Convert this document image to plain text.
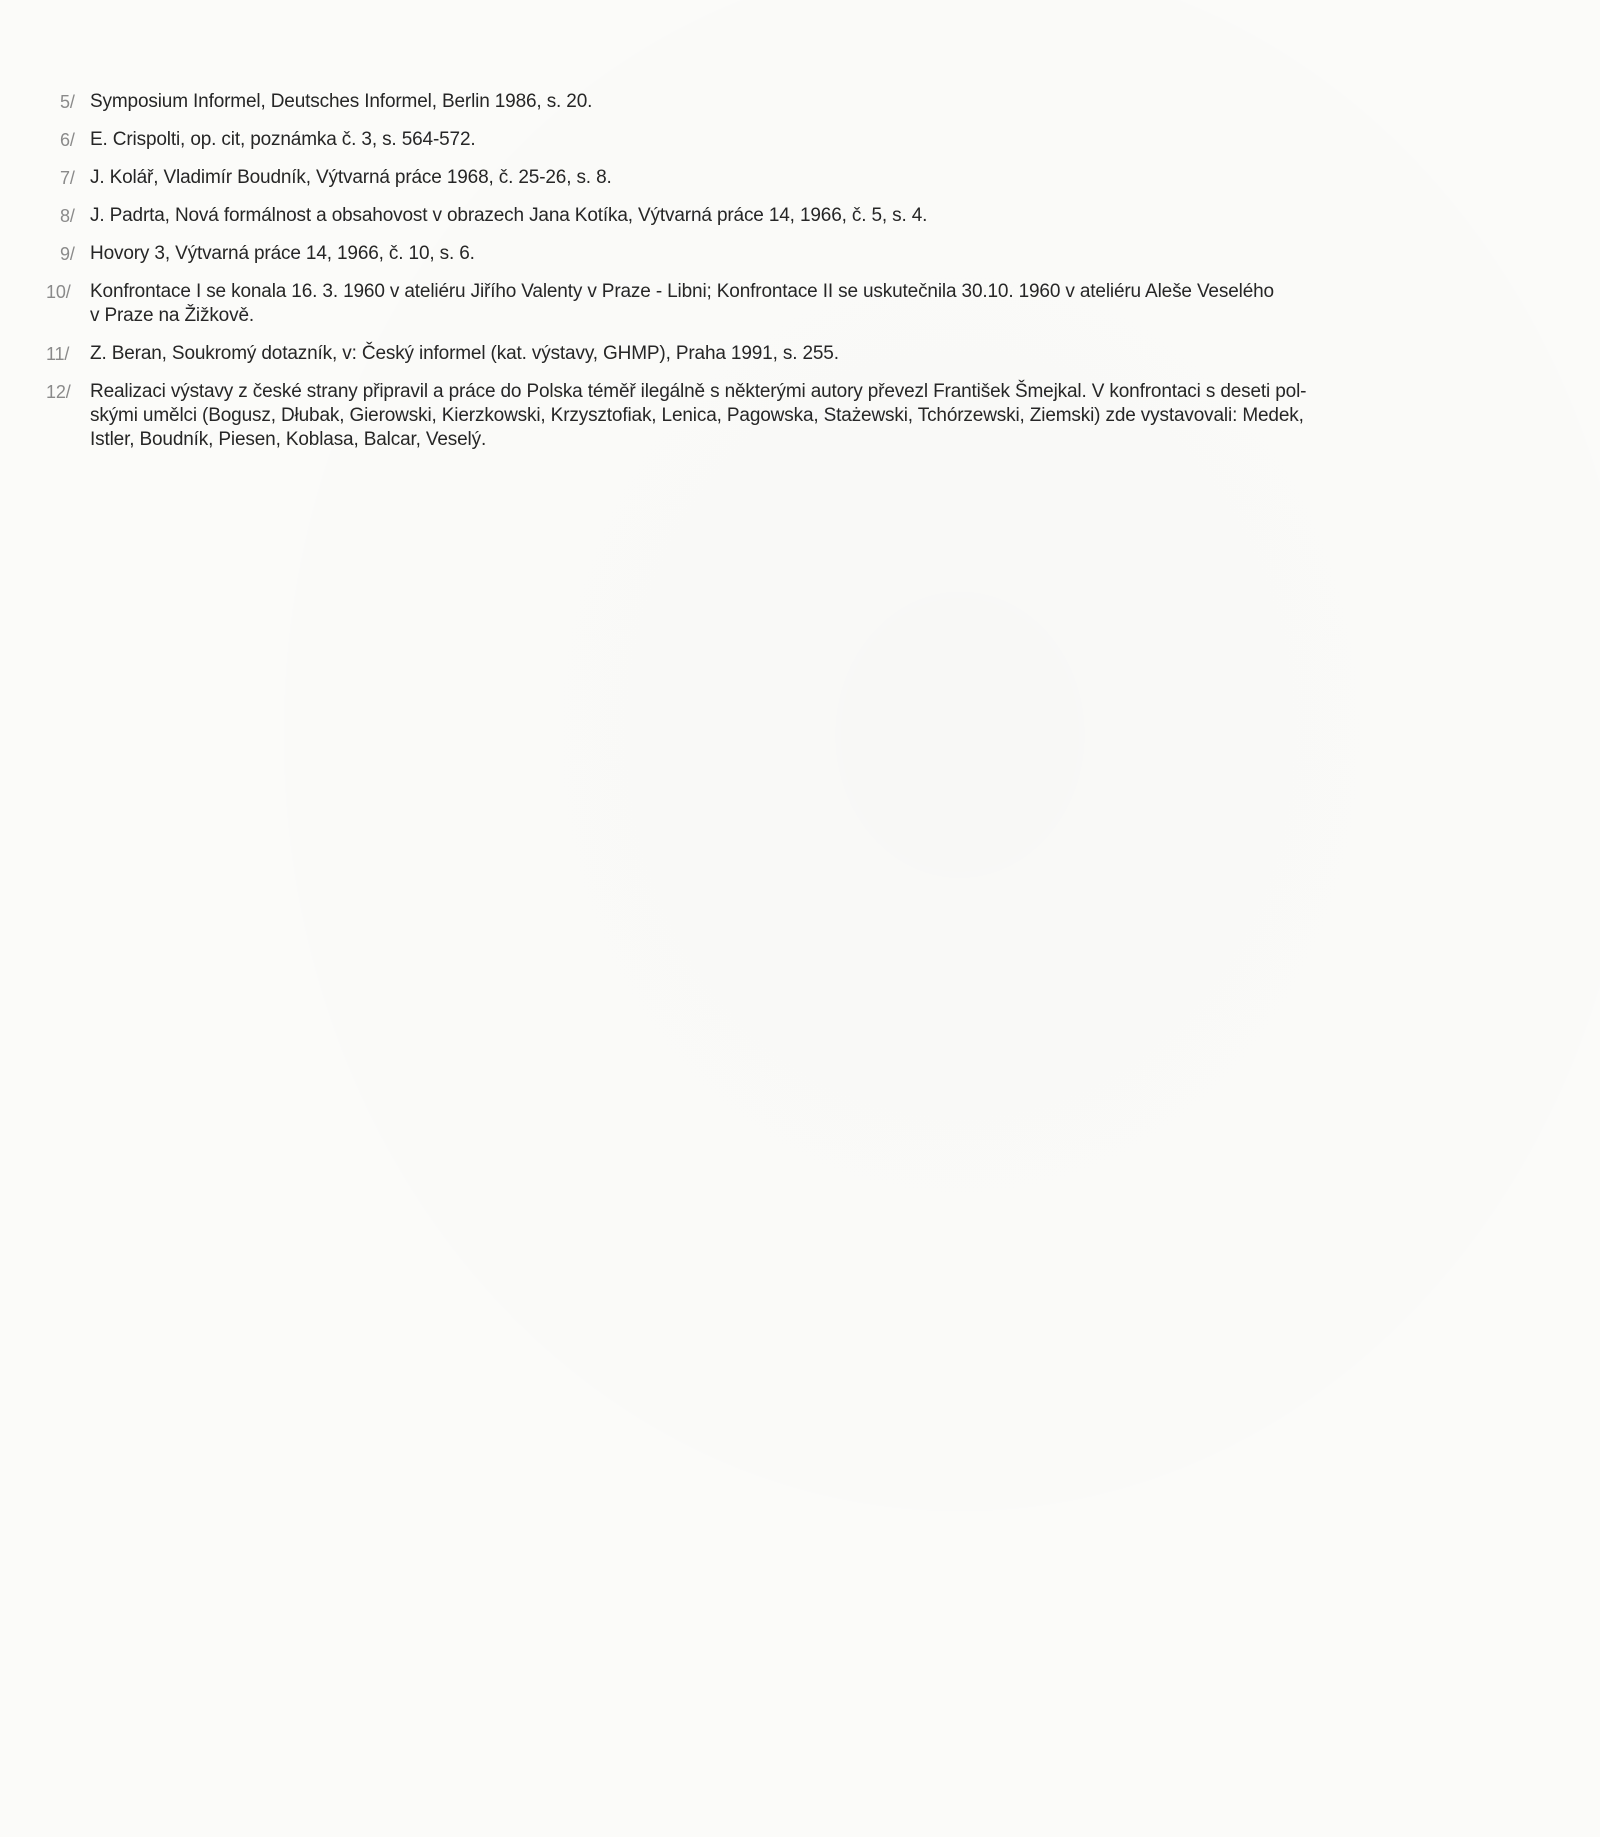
5/ Symposium Informel, Deutsches Informel, Berlin 1986, s. 20.
6/ E. Crispolti, op. cit, poznámka č. 3, s. 564-572.
7/ J. Kolář, Vladimír Boudník, Výtvarná práce 1968, č. 25-26, s. 8.
8/ J. Padrta, Nová formálnost a obsahovost v obrazech Jana Kotíka, Výtvarná práce 14, 1966, č. 5, s. 4.
9/ Hovory 3, Výtvarná práce 14, 1966, č. 10, s. 6.
10/ Konfrontace I se konala 16. 3. 1960 v ateliéru Jiřího Valenty v Praze - Libni; Konfrontace II se uskutečnila 30.10. 1960 v ateliéru Aleše Veselého
v Praze na Žižkově.
11/ Z. Beran, Soukromý dotazník, v: Český informel (kat. výstavy, GHMP), Praha 1991, s. 255.
12/ Realizaci výstavy z české strany připravil a práce do Polska téměř ilegálně s některými autory převezl František Šmejkal. V konfrontaci s deseti pol-
skými umělci (Bogusz, Dłubak, Gierowski, Kierzkowski, Krzysztofiak, Lenica, Pagowska, Stażewski, Tchórzewski, Ziemski) zde vystavovali: Medek,
Istler, Boudník, Piesen, Koblasa, Balcar, Veselý.
